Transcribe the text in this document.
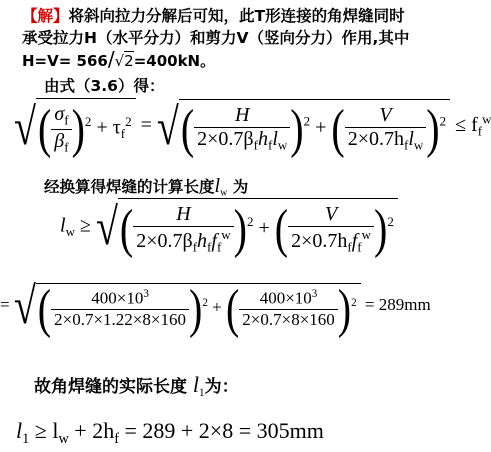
【解】将斜向拉力分解后可知，此T形连接的角焊缝同时
承受拉力H（水平分力）和剪力V（竖向分力）作用,其中
H=V= 566/√2=400kN。
由式（3.6）得：
√( $\frac{\sigma_f}{\beta_f} )^2 + \tau_f^2$ = √( $\frac{H}{2\times 0.7\beta_fh_fl_w} )^2$ + ( $\frac{V}{2\times 0.7h_fl_w} )^2 \le f_f^w$
经换算得焊缝的计算长度$l_w$ 为
$l_w$ ≥ √( $\frac{H}{2\times 0.7\beta_fh_ff_f^w} )^2$ + ( $\frac{V}{2\times 0.7h_ff_f^w} )^2$
= √( $\frac{400\times 10^3}{2\times 0.7\times 1.22\times 8\times 160} )^2$ + ( $\frac{400\times 10^3}{2\times 0.7\times 8\times 160} )^2 = 289mm$
故角焊缝的实际长度 $l_1$为：
$l_1 \ge l_w + 2h_f = 289 + 2\times 8 = 305mm$
